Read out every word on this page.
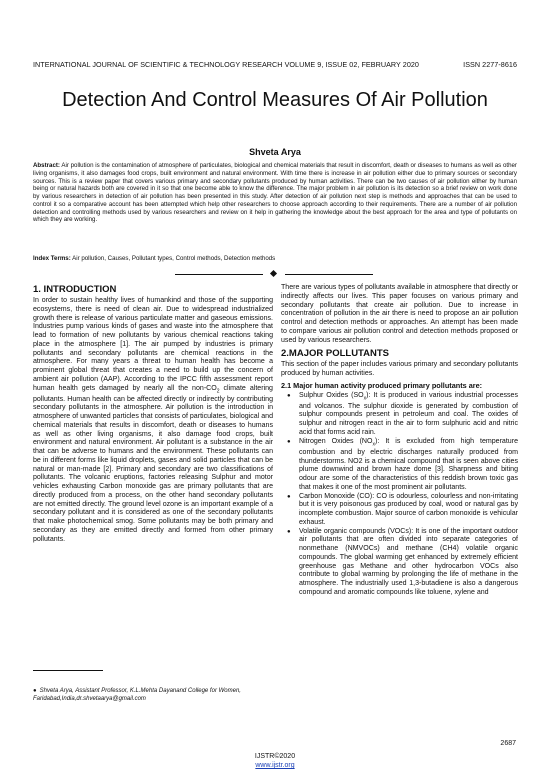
INTERNATIONAL JOURNAL OF SCIENTIFIC & TECHNOLOGY RESEARCH VOLUME 9, ISSUE 02, FEBRUARY 2020	ISSN 2277-8616
Detection And Control Measures Of Air Pollution
Shveta Arya
Abstract: Air pollution is the contamination of atmosphere of particulates, biological and chemical materials that result in discomfort, death or diseases to humans as well as other living organisms, it also damages food crops, built environment and natural environment. With time there is increase in air pollution either due to primary sources or secondary sources. This is a review paper that covers various primary and secondary pollutants produced by human activities. There can be two causes of air pollution either by human being or natural hazards both are covered in it so that one become able to know the difference. The major problem in air pollution is its detection so a brief review on work done by various researchers in detection of air pollution has been presented in this study. After detection of air pollution next step is methods and approaches that can be used to control it so a comparative account has been attempted which help other researchers to choose approach according to their requirements. There are a number of air pollution detection and controlling methods used by various researchers and review on it help in gathering the knowledge about the best approach for the area and type of pollutants on which they are working.
Index Terms: Air pollution, Causes, Pollutant types, Control methods, Detection methods
1. INTRODUCTION

In order to sustain healthy lives of humankind and those of the supporting ecosystems, there is need of clean air. Due to widespread industrialized growth there is release of various particulate matter and gaseous emissions. Industries pump various kinds of gases and waste into the atmosphere that lead to formation of new pollutants by various chemical reactions taking place in the atmosphere [1]. The air pumped by industries is primary pollutants and secondary pollutants are chemical reactions in the atmosphere. For many years a threat to human health has become a prominent global threat that creates a need to build up the concern of ambient air pollution (AAP). According to the IPCC fifth assessment report human health gets damaged by nearly all the non-$CO_2$ climate altering pollutants. Human health can be affected directly or indirectly by contributing secondary pollutants in the atmosphere. Air pollution is the introduction in atmosphere of unwanted particles that consists of particulates, biological and chemical materials that results in discomfort, death or diseases to humans as well as other living organisms, it also damage food crops, built environment and natural environment. Air pollutant is a substance in the air that can be adverse to humans and the environment. These pollutants can be in different forms like liquid droplets, gases and solid particles that can be natural or man-made [2]. Primary and secondary are two classifications of pollutants. The volcanic eruptions, factories releasing Sulphur and motor vehicles exhausting Carbon monoxide gas are primary pollutants that are directly produced from a process, on the other hand secondary pollutants are not emitted directly. The ground level ozone is an important example of a secondary pollutant and it is considered as one of the secondary pollutants that make photochemical smog. Some pollutants may be both primary and secondary as they are emitted directly and formed from other primary pollutants.

There are various types of pollutants available in atmosphere that directly or indirectly affects our lives. This paper focuses on various primary and secondary pollutants that create air pollution. Due to increase in concentration of pollution in the air there is need to propose an air pollution control and detection methods or approaches. An attempt has been made to compare various air pollution control and detection methods proposed or used by various researchers.

2.MAJOR POLLUTANTS

This section of the paper includes various primary and secondary pollutants produced by human activities.

2.1 Major human activity produced primary pollutants are:
● Sulphur Oxides $(SO_x)$: It is produced in various industrial processes and volcanos. The sulphur dioxide is generated by combustion of sulphur compounds present in petroleum and coal. The oxides of sulphur and nitrogen react in the air to form sulphuric acid and nitric acid that forms acid rain.
● Nitrogen Oxides $(NO_x)$: It is excluded from high temperature combustion and by electric discharges naturally produced from thunderstorms. NO2 is a chemical compound that is seen above cities plume downwind and brown haze dome [3]. Sharpness and biting odour are some of the characteristics of this reddish brown toxic gas that makes it one of the most prominent air pollutants.
● Carbon Monoxide (CO): CO is odourless, colourless and non-irritating but it is very poisonous gas produced by coal, wood or natural gas by incomplete combustion. Major source of carbon monoxide is vehicular exhaust.
● Volatile organic compounds (VOCs): It is one of the important outdoor air pollutants that are often divided into separate categories of nonmethane (NMVOCs) and methane (CH4) volatile organic compounds. The global warming get enhanced by extremely efficient greenhouse gas Methane and other hydrocarbon VOCs also contribute to global warming by prolonging the life of methane in the atmosphere. The industrially used 1,3-butadiene is also a dangerous compound and aromatic compounds like toluene, xylene and
● Shveta Arya, Assistant Professor, K.L.Mehta Dayanand College for Women, Faridabad,India,dr.shvetaarya@gmail.com
2687
IJSTR©2020
www.ijstr.org
